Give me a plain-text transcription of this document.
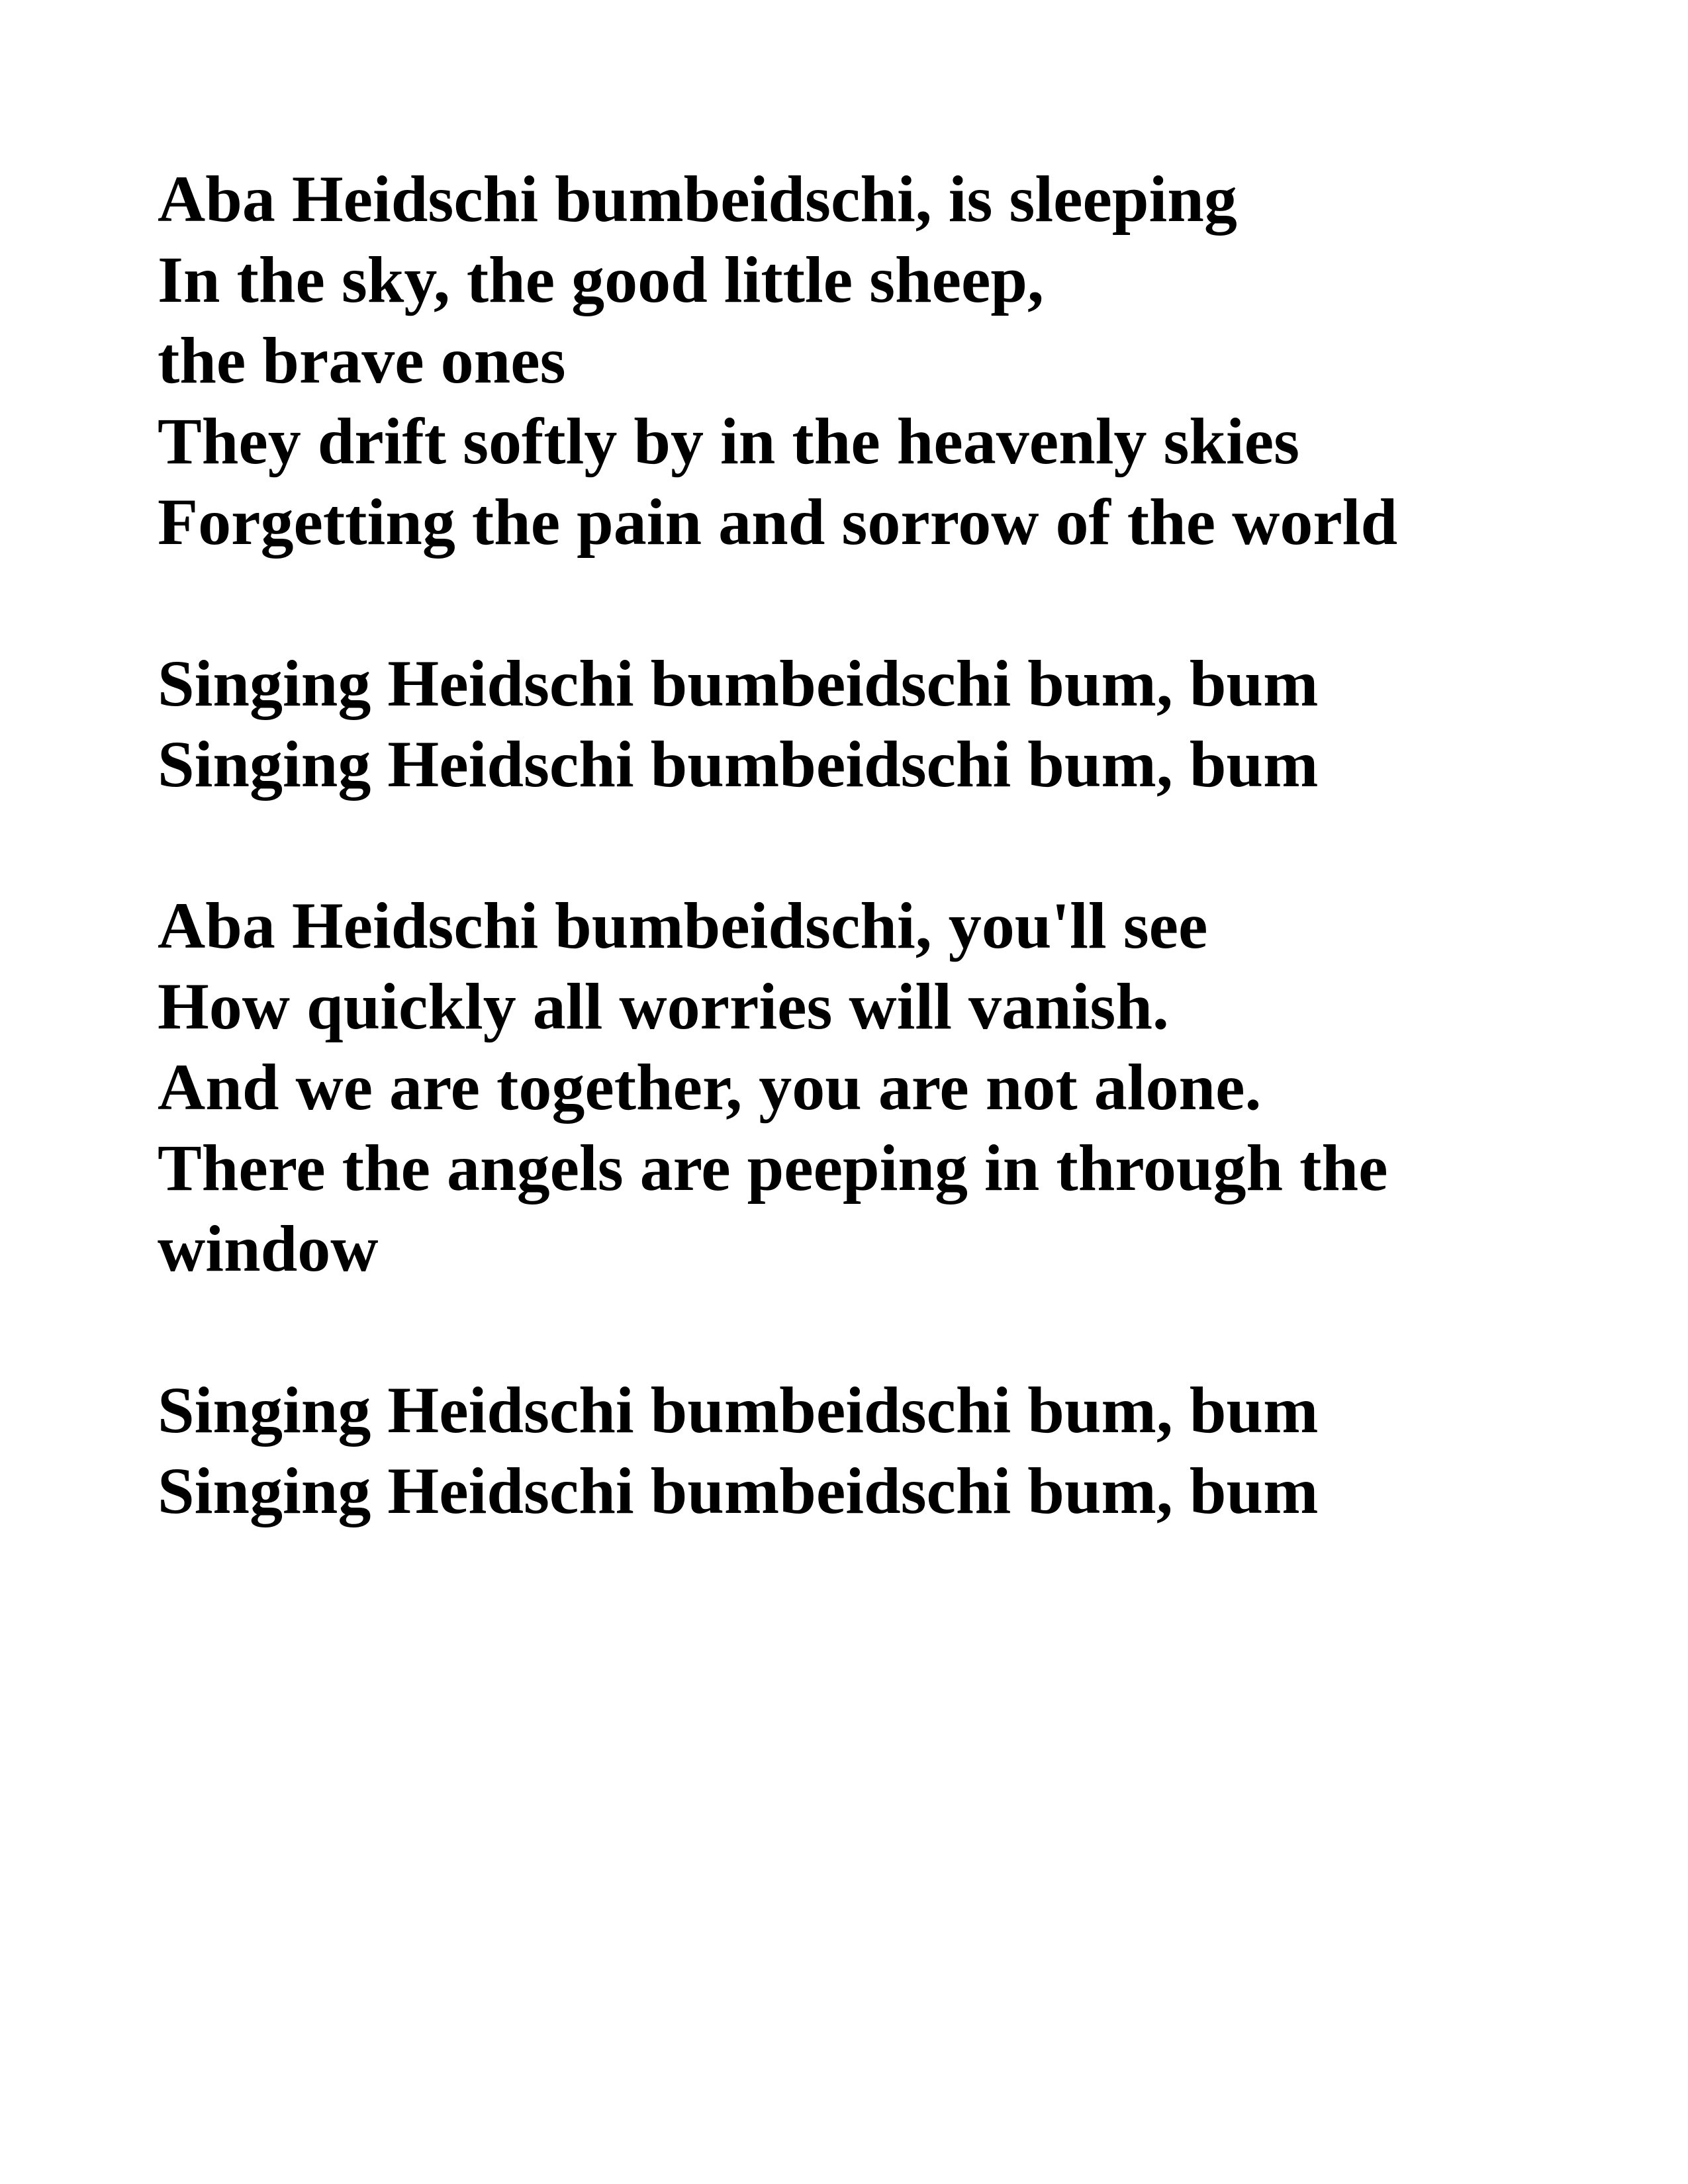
Aba Heidschi bumbeidschi, is sleeping
In the sky, the good little sheep,
the brave ones
They drift softly by in the heavenly skies
Forgetting the pain and sorrow of the world
Singing Heidschi bumbeidschi bum, bum
Singing Heidschi bumbeidschi bum, bum
Aba Heidschi bumbeidschi, you'll see
How quickly all worries will vanish.
And we are together, you are not alone.
There the angels are peeping in through the
window
Singing Heidschi bumbeidschi bum, bum
Singing Heidschi bumbeidschi bum, bum
